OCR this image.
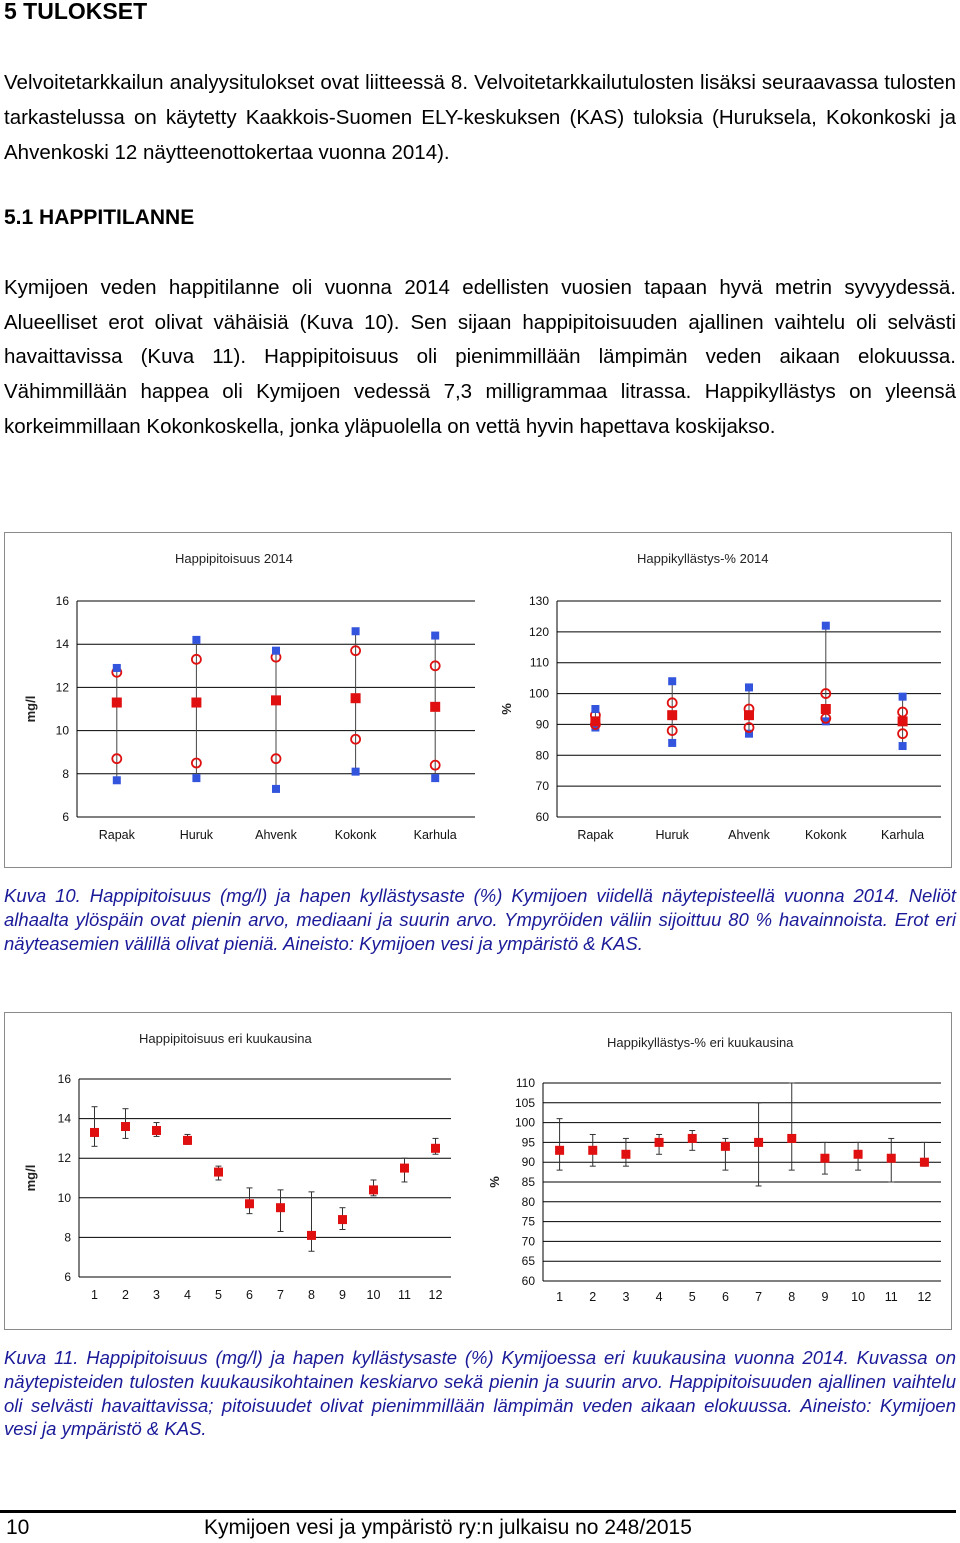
5 TULOKSET

Velvoitetarkkailun analyysitulokset ovat liitteessä 8. Velvoitetarkkailutulosten lisäksi seuraavassa tulosten tarkastelussa on käytetty Kaakkois-Suomen ELY-keskuksen (KAS) tuloksia (Huruksela, Kokonkoski ja Ahvenkoski 12 näytteenottokertaa vuonna 2014).

5.1 HAPPITILANNE

Kymijoen veden happitilanne oli vuonna 2014 edellisten vuosien tapaan hyvä metrin syvyydessä. Alueelliset erot olivat vähäisiä (Kuva 10). Sen sijaan happipitoisuuden ajallinen vaihtelu oli selvästi havaittavissa (Kuva 11). Happipitoisuus oli pienimmillään lämpimän veden aikaan elokuussa. Vähimmillään happea oli Kymijoen vedessä 7,3 milligrammaa litrassa. Happikyllästys on yleensä korkeimmillaan Kokonkoskella, jonka yläpuolella on vettä hyvin hapettava koskijakso.

Happipitoisuus 2014
mg/l
6
8
10
12
14
16
Rapak	Huruk	Ahvenk	Kokonk	Karhula
Happikyllästys-% 2014
%
60
70
80
90
100
110
120
130
Rapak	Huruk	Ahvenk	Kokonk	Karhula

Kuva 10. Happipitoisuus (mg/l) ja hapen kyllästysaste (%) Kymijoen viidellä näytepisteellä vuonna 2014. Neliöt alhaalta ylöspäin ovat pienin arvo, mediaani ja suurin arvo. Ympyröiden väliin sijoittuu 80 % havainnoista. Erot eri näyteasemien välillä olivat pieniä. Aineisto: Kymijoen vesi ja ympäristö & KAS.

Happipitoisuus eri kuukausina
mg/l
6
8
10
12
14
16
1 2 3 4 5 6 7 8 9 10 11 12
Happikyllästys-% eri kuukausina
%
60
65
70
75
80
85
90
95
100
105
110
1 2 3 4 5 6 7 8 9 10 11 12

Kuva 11. Happipitoisuus (mg/l) ja hapen kyllästysaste (%) Kymijoessa eri kuukausina vuonna 2014. Kuvassa on näytepisteiden tulosten kuukausikohtainen keskiarvo sekä pienin ja suurin arvo. Happipitoisuuden ajallinen vaihtelu oli selvästi havaittavissa; pitoisuudet olivat pienimmillään lämpimän veden aikaan elokuussa. Aineisto: Kymijoen vesi ja ympäristö & KAS.

10	Kymijoen vesi ja ympäristö ry:n julkaisu no 248/2015
